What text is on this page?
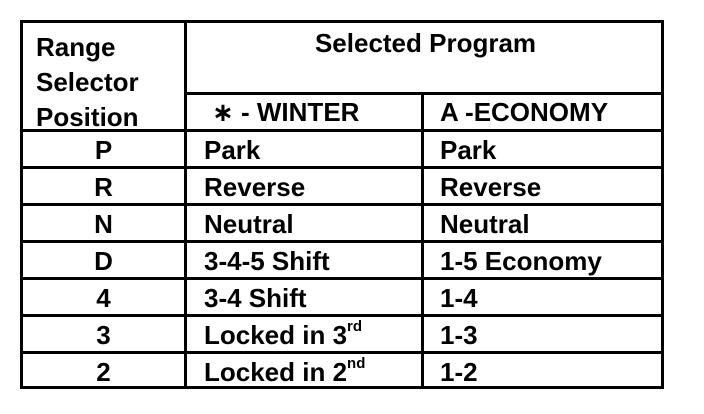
Range
Selector
Position
Selected Program
∗ - WINTER	A -ECONOMY
P	Park	Park
R	Reverse	Reverse
N	Neutral	Neutral
D	3-4-5 Shift	1-5 Economy
4	3-4 Shift	1-4
3	Locked in 3rd	1-3
2	Locked in 2nd	1-2
